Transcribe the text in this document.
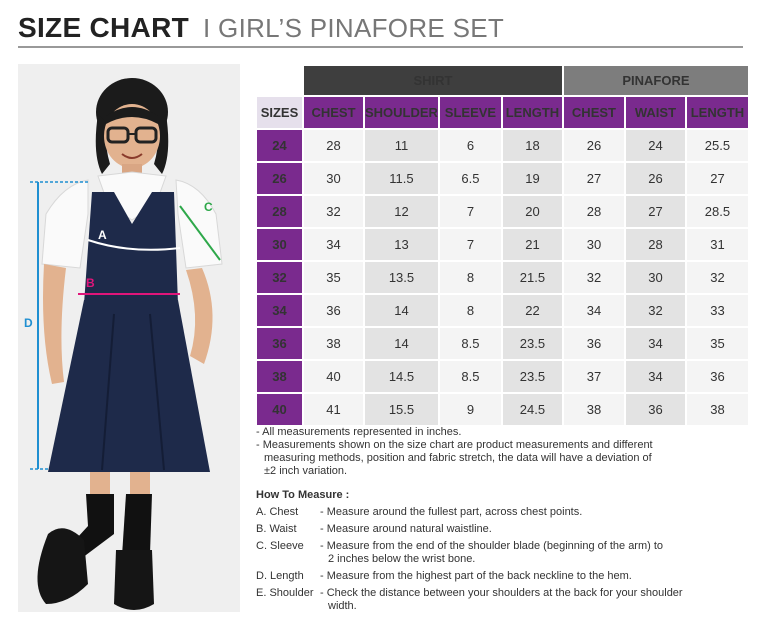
SIZE CHART I GIRL’S PINAFORE SET
A
B
C
D
	SHIRT				PINAFORE		
SIZES	CHEST	SHOULDER	SLEEVE	LENGTH	CHEST	WAIST	LENGTH
24	28	11	6	18	26	24	25.5
26	30	11.5	6.5	19	27	26	27
28	32	12	7	20	28	27	28.5
30	34	13	7	21	30	28	31
32	35	13.5	8	21.5	32	30	32
34	36	14	8	22	34	32	33
36	38	14	8.5	23.5	36	34	35
38	40	14.5	8.5	23.5	37	34	36
40	41	15.5	9	24.5	38	36	38

- All measurements represented in inches.

- Measurements shown on the size chart are product measurements and different

measuring methods, position and fabric stretch, the data will have a deviation of

±2 inch variation.

How To Measure :
A. Chest	- Measure around the fullest part, across chest points.
B. Waist	- Measure around natural waistline.
C. Sleeve	- Measure from the end of the shoulder blade (beginning of the arm) to
2 inches below the wrist bone.
D. Length	- Measure from the highest part of the back neckline to the hem.
E. Shoulder - Check the distance between your shoulders at the back for your shoulder
width.
